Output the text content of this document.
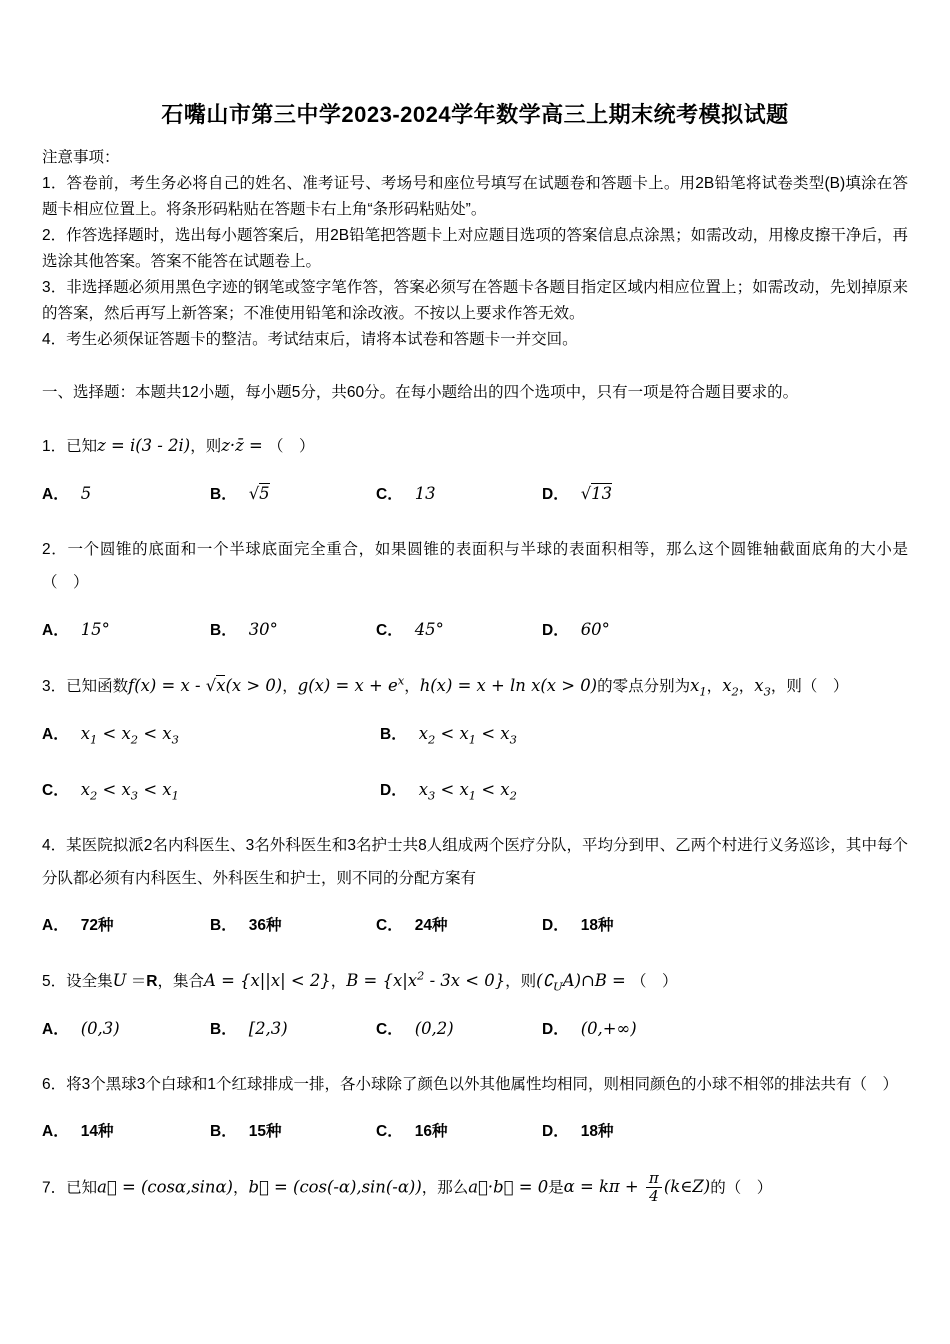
石嘴山市第三中学2023-2024学年数学高三上期末统考模拟试题

注意事项：

1．答卷前，考生务必将自己的姓名、准考证号、考场号和座位号填写在试题卷和答题卡上。用2B铅笔将试卷类型(B)填涂在答题卡相应位置上。将条形码粘贴在答题卡右上角“条形码粘贴处”。

2．作答选择题时，选出每小题答案后，用2B铅笔把答题卡上对应题目选项的答案信息点涂黑；如需改动，用橡皮擦干净后，再选涂其他答案。答案不能答在试题卷上。

3．非选择题必须用黑色字迹的钢笔或签字笔作答，答案必须写在答题卡各题目指定区域内相应位置上；如需改动，先划掉原来的答案，然后再写上新答案；不准使用铅笔和涂改液。不按以上要求作答无效。

4．考生必须保证答题卡的整洁。考试结束后，请将本试卷和答题卡一并交回。

一、选择题：本题共12小题，每小题5分，共60分。在每小题给出的四个选项中，只有一项是符合题目要求的。

1．已知z = i(3 - 2i)，则z·z̄ = （　）

A． 5	B． √5	C． 13	D． √13

2．一个圆锥的底面和一个半球底面完全重合，如果圆锥的表面积与半球的表面积相等，那么这个圆锥轴截面底角的大小是（　）

A． 15°	B． 30°	C． 45°	D． 60°

3．已知函数f(x) = x - √x(x > 0)，$g(x) = x + e^x$，h(x) = x + ln x(x > 0)的零点分别为$x_1$，$x_2$，$x_3$，则（　）

A． $x_1 < x_2 < x_3$	B． $x_2 < x_1 < x_3$

C． $x_2 < x_3 < x_1$	D． $x_3 < x_1 < x_2$

4．某医院拟派2名内科医生、3名外科医生和3名护士共8人组成两个医疗分队，平均分到甲、乙两个村进行义务巡诊，其中每个分队都必须有内科医生、外科医生和护士，则不同的分配方案有

A． 72种	B． 36种	C． 24种	D． 18种

5．设全集U ＝R，集合A = {x||x| < 2}，$B = \{x|x^2 - 3x < 0\}$，则$(∁_UA)\cap B$ = （　）

A． (0,3)	B． [2,3)	C． (0,2)	D． (0,+∞)

6．将3个黑球3个白球和1个红球排成一排，各小球除了颜色以外其他属性均相同，则相同颜色的小球不相邻的排法共有（　）

A． 14种	B． 15种	C． 16种	D． 18种

7．已知a⃗ = (cosα,sinα)，b⃗ = (cos(-α),sin(-α))，那么a⃗·b⃗ = 0是$\alpha = k\pi + \frac{\pi}{4}$ (k∈Z)的（　）
